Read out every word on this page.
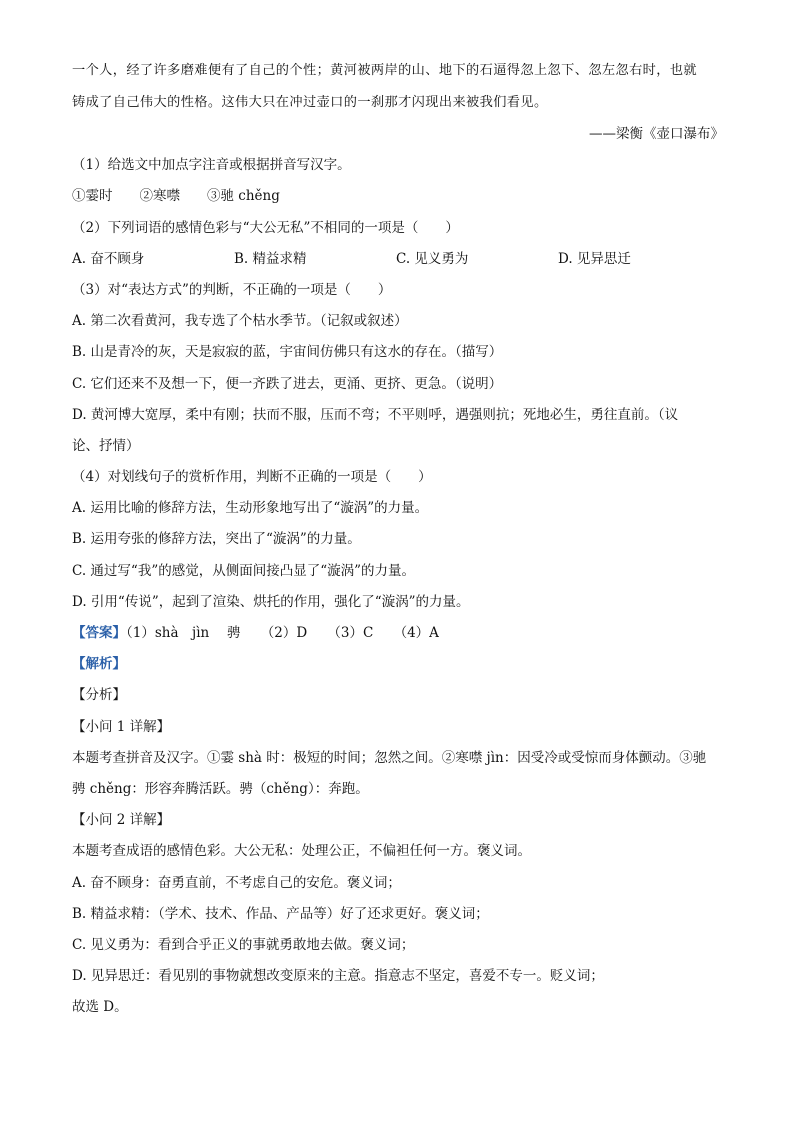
一个人，经了许多磨难便有了自己的个性；黄河被两岸的山、地下的石逼得忽上忽下、忽左忽右时，也就
铸成了自己伟大的性格。这伟大只在冲过壶口的一刹那才闪现出来被我们看见。
——梁衡《壶口瀑布》
（1）给选文中加点字注音或根据拼音写汉字。
①霎时　　②寒噤　　③驰 chěng
（2）下列词语的感情色彩与“大公无私”不相同的一项是（　　）
A. 奋不顾身	B. 精益求精	C. 见义勇为	D. 见异思迁
（3）对“表达方式”的判断，不正确的一项是（　　）
A. 第二次看黄河，我专选了个枯水季节。（记叙或叙述）
B. 山是青冷的灰，天是寂寂的蓝，宇宙间仿佛只有这水的存在。（描写）
C. 它们还来不及想一下，便一齐跌了进去，更涌、更挤、更急。（说明）
D. 黄河博大宽厚，柔中有刚；扶而不服，压而不弯；不平则呼，遇强则抗；死地必生，勇往直前。（议
论、抒情）
（4）对划线句子的赏析作用，判断不正确的一项是（　　）
A. 运用比喻的修辞方法，生动形象地写出了“漩涡”的力量。
B. 运用夸张的修辞方法，突出了“漩涡”的力量。
C. 通过写“我”的感觉，从侧面间接凸显了“漩涡”的力量。
D. 引用“传说”，起到了渲染、烘托的作用，强化了“漩涡”的力量。
【答案】（1）shà　jìn　 骋　　（2）D　　（3）C　　（4）A
【解析】
【分析】
【小问 1 详解】
本题考查拼音及汉字。①霎 shà 时：极短的时间；忽然之间。②寒噤 jìn：因受冷或受惊而身体颤动。③驰
骋 chěng：形容奔腾活跃。骋（chěng）：奔跑。
【小问 2 详解】
本题考查成语的感情色彩。大公无私：处理公正，不偏袒任何一方。褒义词。
A. 奋不顾身：奋勇直前，不考虑自己的安危。褒义词；
B. 精益求精：（学术、技术、作品、产品等）好了还求更好。褒义词；
C. 见义勇为：看到合乎正义的事就勇敢地去做。褒义词；
D. 见异思迁：看见别的事物就想改变原来的主意。指意志不坚定，喜爱不专一。贬义词；
故选 D。
